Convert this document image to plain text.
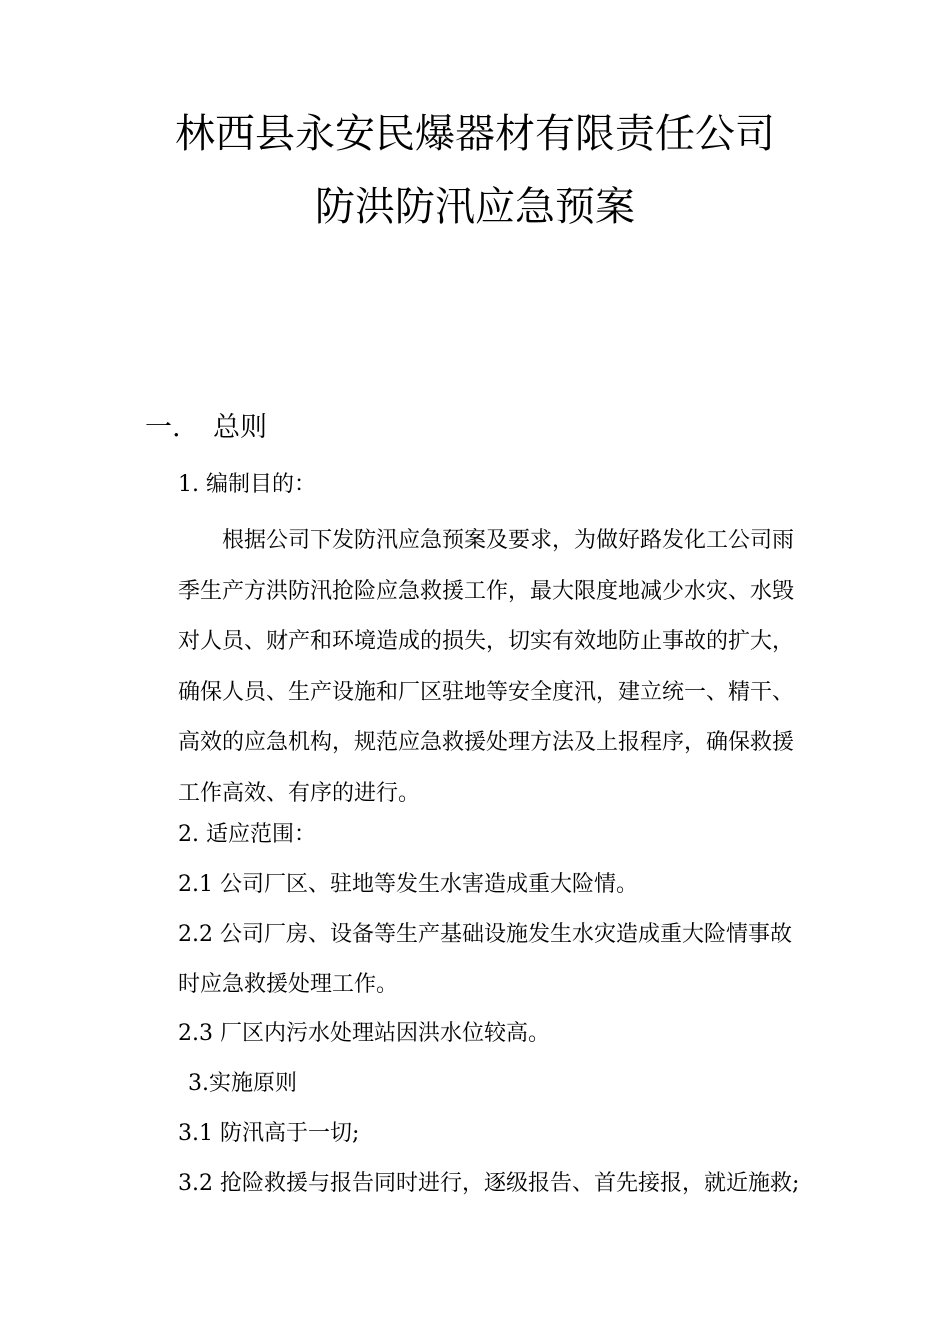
林西县永安民爆器材有限责任公司
防洪防汛应急预案
一. 总则
1. 编制目的：
根据公司下发防汛应急预案及要求，为做好路发化工公司雨
季生产方洪防汛抢险应急救援工作，最大限度地减少水灾、水毁
对人员、财产和环境造成的损失，切实有效地防止事故的扩大，
确保人员、生产设施和厂区驻地等安全度汛，建立统一、精干、
高效的应急机构，规范应急救援处理方法及上报程序，确保救援
工作高效、有序的进行。
2. 适应范围：
2.1 公司厂区、驻地等发生水害造成重大险情。
2.2 公司厂房、设备等生产基础设施发生水灾造成重大险情事故
时应急救援处理工作。
2.3 厂区内污水处理站因洪水位较高。
3.实施原则
3.1 防汛高于一切;
3.2 抢险救援与报告同时进行，逐级报告、首先接报，就近施救;
